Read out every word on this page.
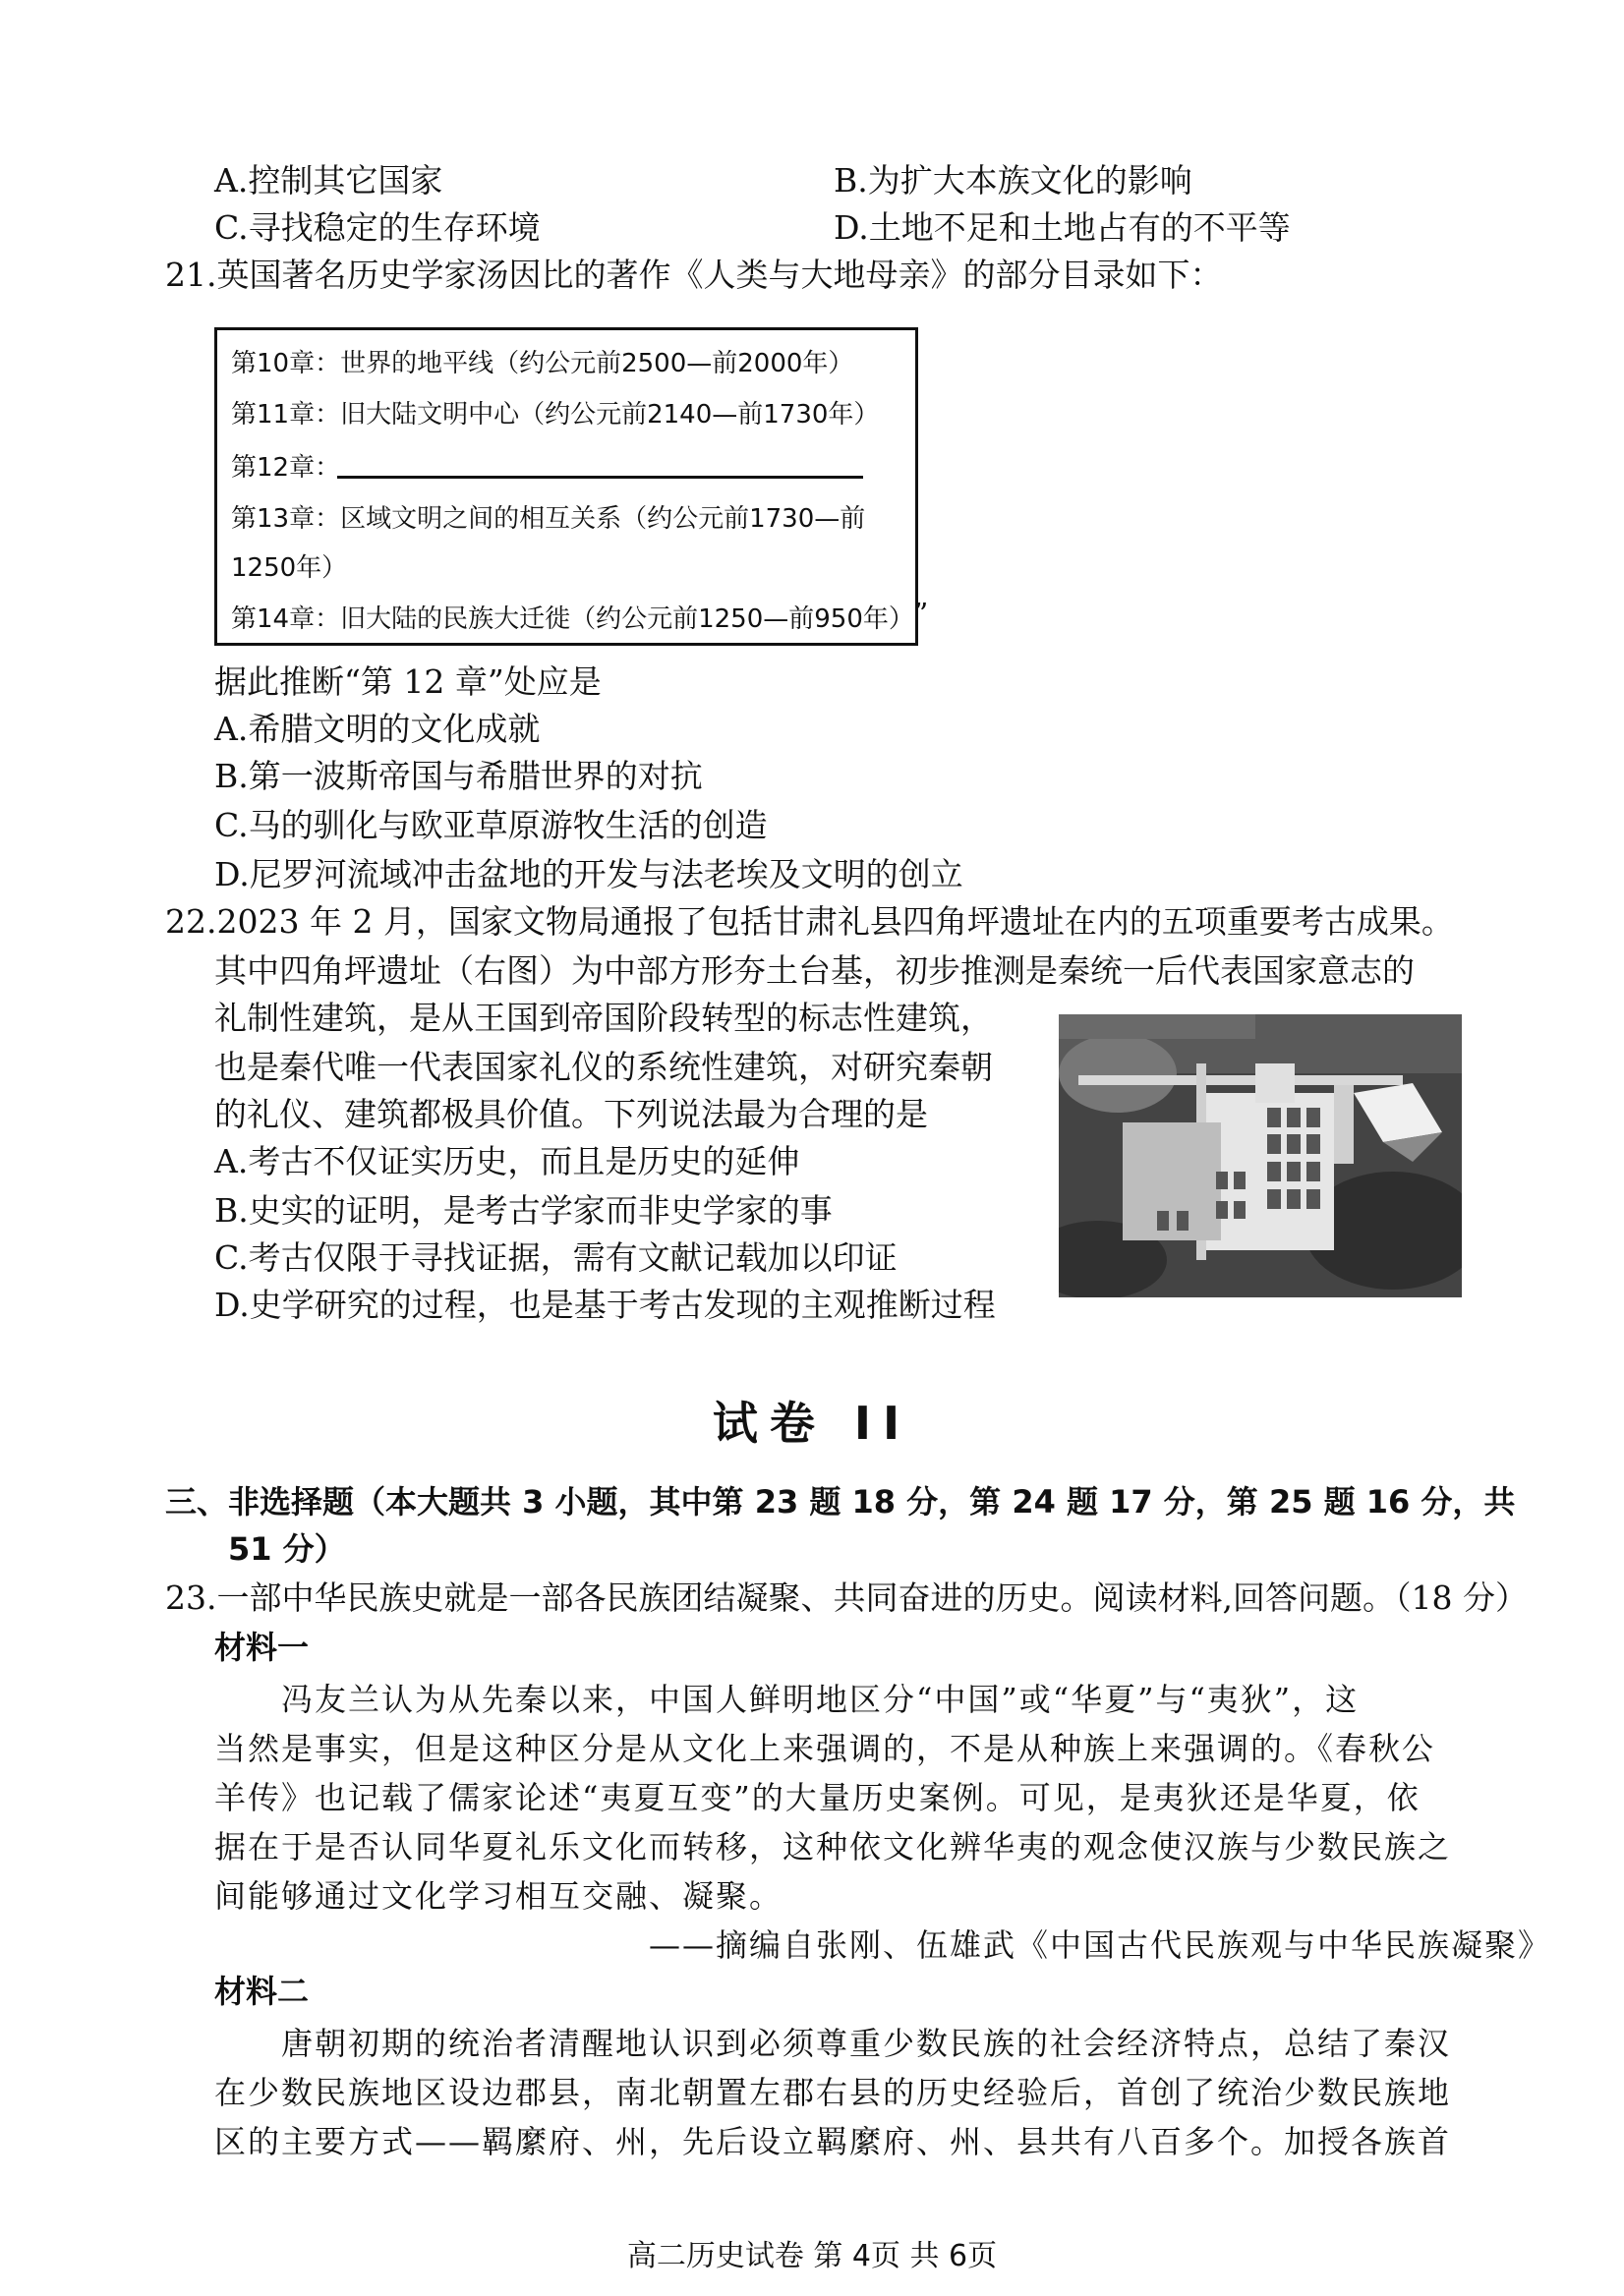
A.控制其它国家	B.为扩大本族文化的影响
C.寻找稳定的生存环境	D.土地不足和土地占有的不平等
21.英国著名历史学家汤因比的著作《人类与大地母亲》的部分目录如下：
第10章：世界的地平线（约公元前2500—前2000年）
第11章：旧大陆文明中心（约公元前2140—前1730年）
第12章：
第13章：区域文明之间的相互关系（约公元前1730—前
1250年）
第14章：旧大陆的民族大迁徙（约公元前1250—前950年） ”
据此推断“第 12 章”处应是
A.希腊文明的文化成就
B.第一波斯帝国与希腊世界的对抗
C.马的驯化与欧亚草原游牧生活的创造
D.尼罗河流域冲击盆地的开发与法老埃及文明的创立
22.2023 年 2 月，国家文物局通报了包括甘肃礼县四角坪遗址在内的五项重要考古成果。
其中四角坪遗址（右图）为中部方形夯土台基，初步推测是秦统一后代表国家意志的
礼制性建筑，是从王国到帝国阶段转型的标志性建筑，
也是秦代唯一代表国家礼仪的系统性建筑，对研究秦朝
的礼仪、建筑都极具价值。下列说法最为合理的是
A.考古不仅证实历史，而且是历史的延伸
B.史实的证明，是考古学家而非史学家的事
C.考古仅限于寻找证据，需有文献记载加以印证
D.史学研究的过程，也是基于考古发现的主观推断过程
试卷 II
三、非选择题（本大题共 3 小题，其中第 23 题 18 分，第 24 题 17 分，第 25 题 16 分，共
51 分）
23.一部中华民族史就是一部各民族团结凝聚、共同奋进的历史。阅读材料,回答问题。（18 分）
材料一
冯友兰认为从先秦以来，中国人鲜明地区分“中国”或“华夏”与“夷狄”，这
当然是事实，但是这种区分是从文化上来强调的，不是从种族上来强调的。《春秋公
羊传》也记载了儒家论述“夷夏互变”的大量历史案例。可见，是夷狄还是华夏，依
据在于是否认同华夏礼乐文化而转移，这种依文化辨华夷的观念使汉族与少数民族之
间能够通过文化学习相互交融、凝聚。
——摘编自张刚、伍雄武《中国古代民族观与中华民族凝聚》
材料二
唐朝初期的统治者清醒地认识到必须尊重少数民族的社会经济特点，总结了秦汉
在少数民族地区设边郡县，南北朝置左郡右县的历史经验后，首创了统治少数民族地
区的主要方式——羁縻府、州，先后设立羁縻府、州、县共有八百多个。加授各族首
高二历史试卷 第 4页 共 6页
